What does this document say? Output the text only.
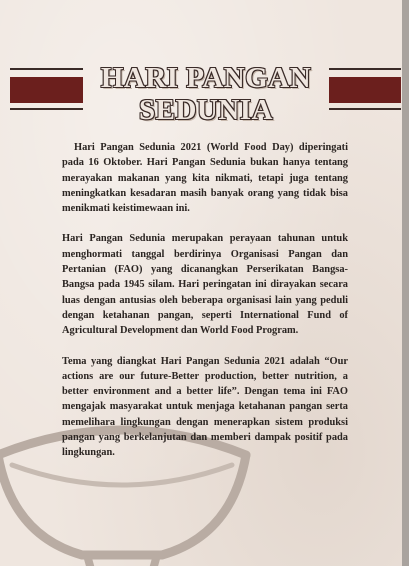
HARI PANGAN
SEDUNIA

Hari Pangan Sedunia 2021 (World Food Day) diperingati pada 16 Oktober. Hari Pangan Sedunia bukan hanya tentang merayakan makanan yang kita nikmati, tetapi juga tentang meningkatkan kesadaran masih banyak orang yang tidak bisa menikmati keistimewaan ini.

Hari Pangan Sedunia merupakan perayaan tahunan untuk menghormati tanggal berdirinya Organisasi Pangan dan Pertanian (FAO) yang dicanangkan Perserikatan Bangsa-Bangsa pada 1945 silam. Hari peringatan ini dirayakan secara luas dengan antusias oleh beberapa organisasi lain yang peduli dengan ketahanan pangan, seperti International Fund of Agricultural Development dan World Food Program.

Tema yang diangkat Hari Pangan Sedunia 2021 adalah “Our actions are our future-Better production, better nutrition, a better environment and a better life”. Dengan tema ini FAO mengajak masyarakat untuk menjaga ketahanan pangan serta memelihara lingkungan dengan menerapkan sistem produksi pangan yang berkelanjutan dan memberi dampak positif pada lingkungan.
